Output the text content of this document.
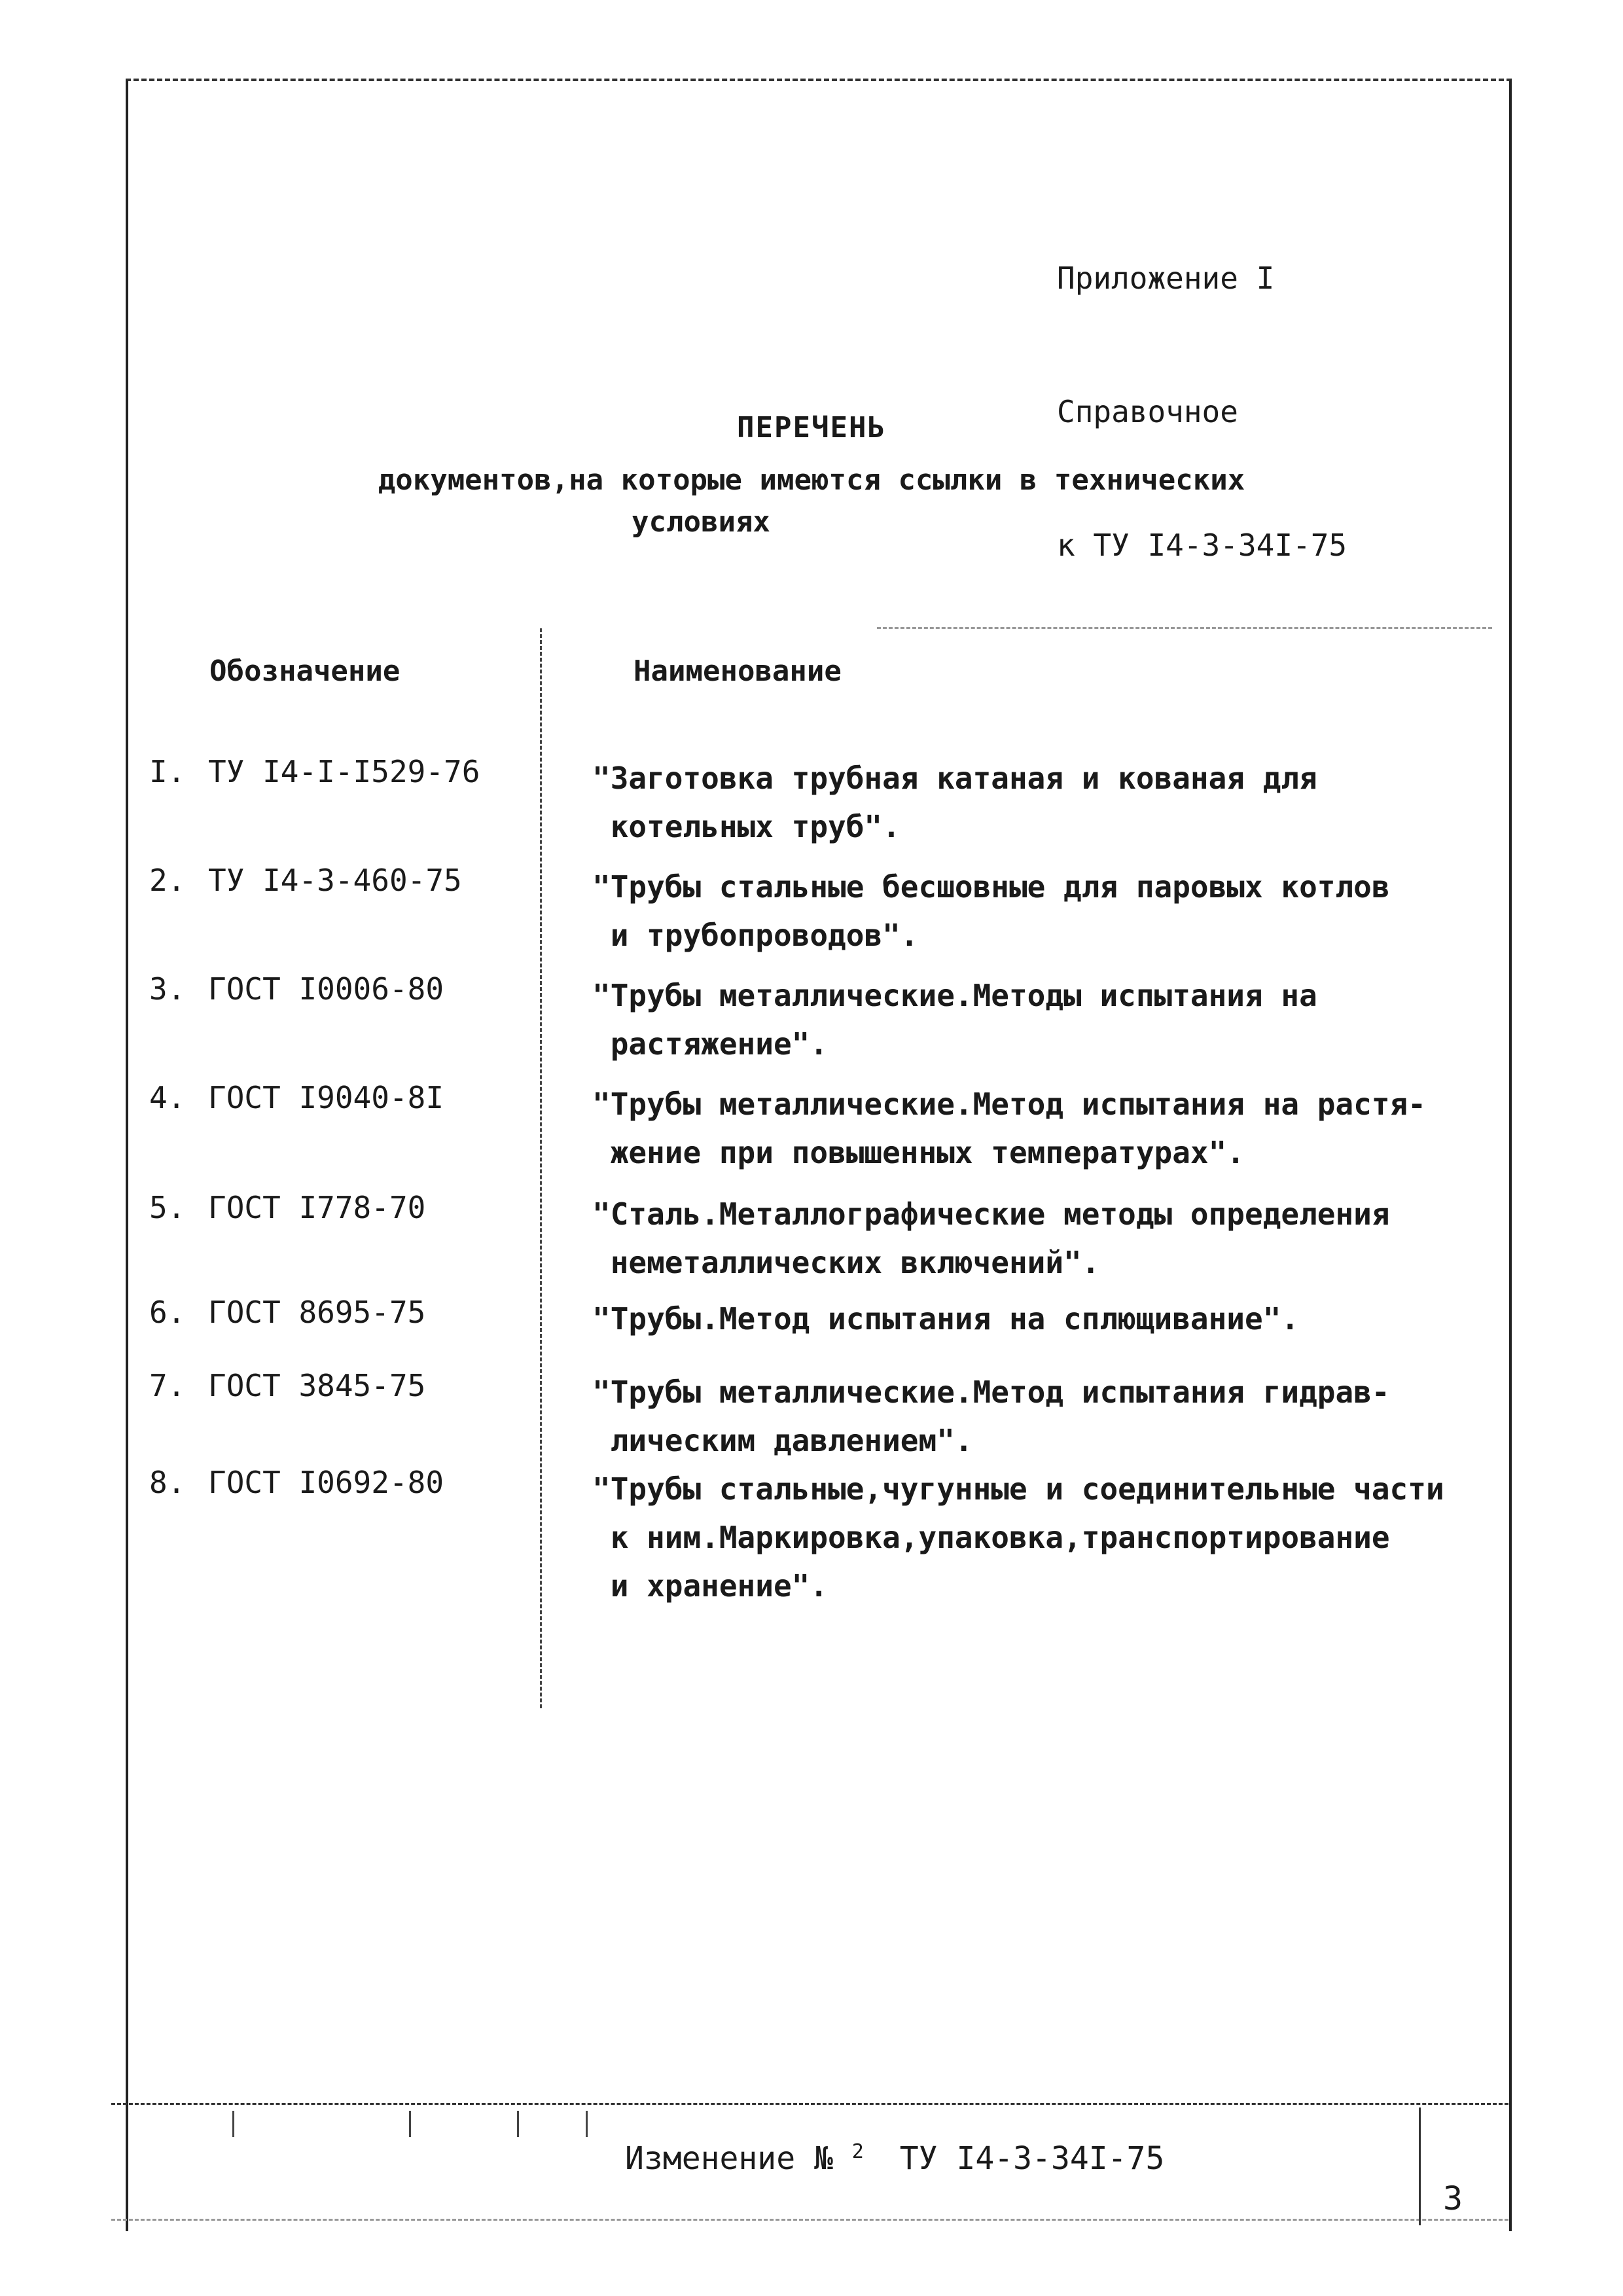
Приложение I

Справочное

к ТУ I4-3-34I-75

ПЕРЕЧЕНЬ
документов,на которые имеются ссылки в технических
условиях
Обозначение	Наименование
I. ТУ I4-I-I529-76	"Заготовка трубная катаная и кованая для
котельных труб".
2. ТУ I4-3-460-75	"Трубы стальные бесшовные для паровых котлов
и трубопроводов".
3. ГОСТ I0006-80	"Трубы металлические.Методы испытания на
растяжение".
4. ГОСТ I9040-8I	"Трубы металлические.Метод испытания на растя-
жение при повышенных температурах".
5. ГОСТ I778-70	"Сталь.Металлографические методы определения
неметаллических включений".
6. ГОСТ 8695-75	"Трубы.Метод испытания на сплющивание".
7. ГОСТ 3845-75	"Трубы металлические.Метод испытания гидрав-
лическим давлением".
8. ГОСТ I0692-80	"Трубы стальные,чугунные и соединительные части
к ним.Маркировка,упаковка,транспортирование
и хранение".
Изменение № $^2$ ТУ I4-3-34I-75
3
